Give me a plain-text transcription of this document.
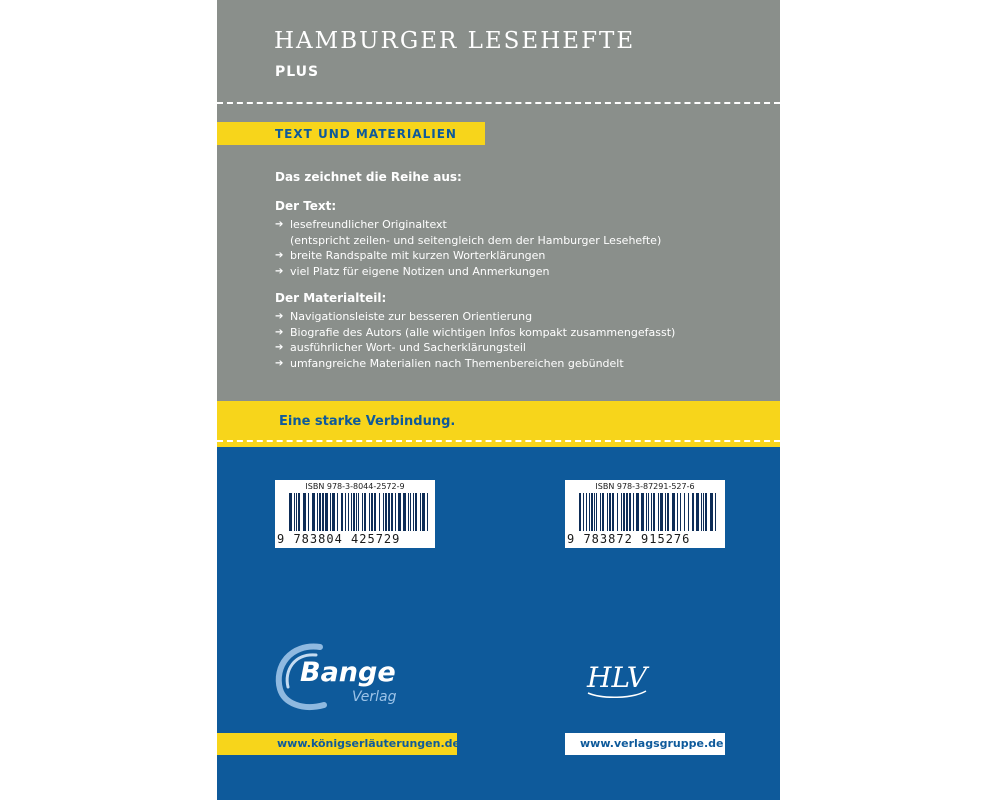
HAMBURGER LESEHEFTE
PLUS
TEXT UND MATERIALIEN
Das zeichnet die Reihe aus:
Der Text:
➔ lesefreundlicher Originaltext
(entspricht zeilen- und seitengleich dem der Hamburger Lesehefte)
➔ breite Randspalte mit kurzen Worterklärungen
➔ viel Platz für eigene Notizen und Anmerkungen
Der Materialteil:
➔ Navigationsleiste zur besseren Orientierung
➔ Biografie des Autors (alle wichtigen Infos kompakt zusammengefasst)
➔ ausführlicher Wort- und Sacherklärungsteil
➔ umfangreiche Materialien nach Themenbereichen gebündelt
Eine starke Verbindung.
ISBN 978-3-8044-2572-9
9 783804 425729
ISBN 978-3-87291-527-6
9 783872 915276
Bange
Verlag
HLV
www.königserläuterungen.de	www.verlagsgruppe.de
